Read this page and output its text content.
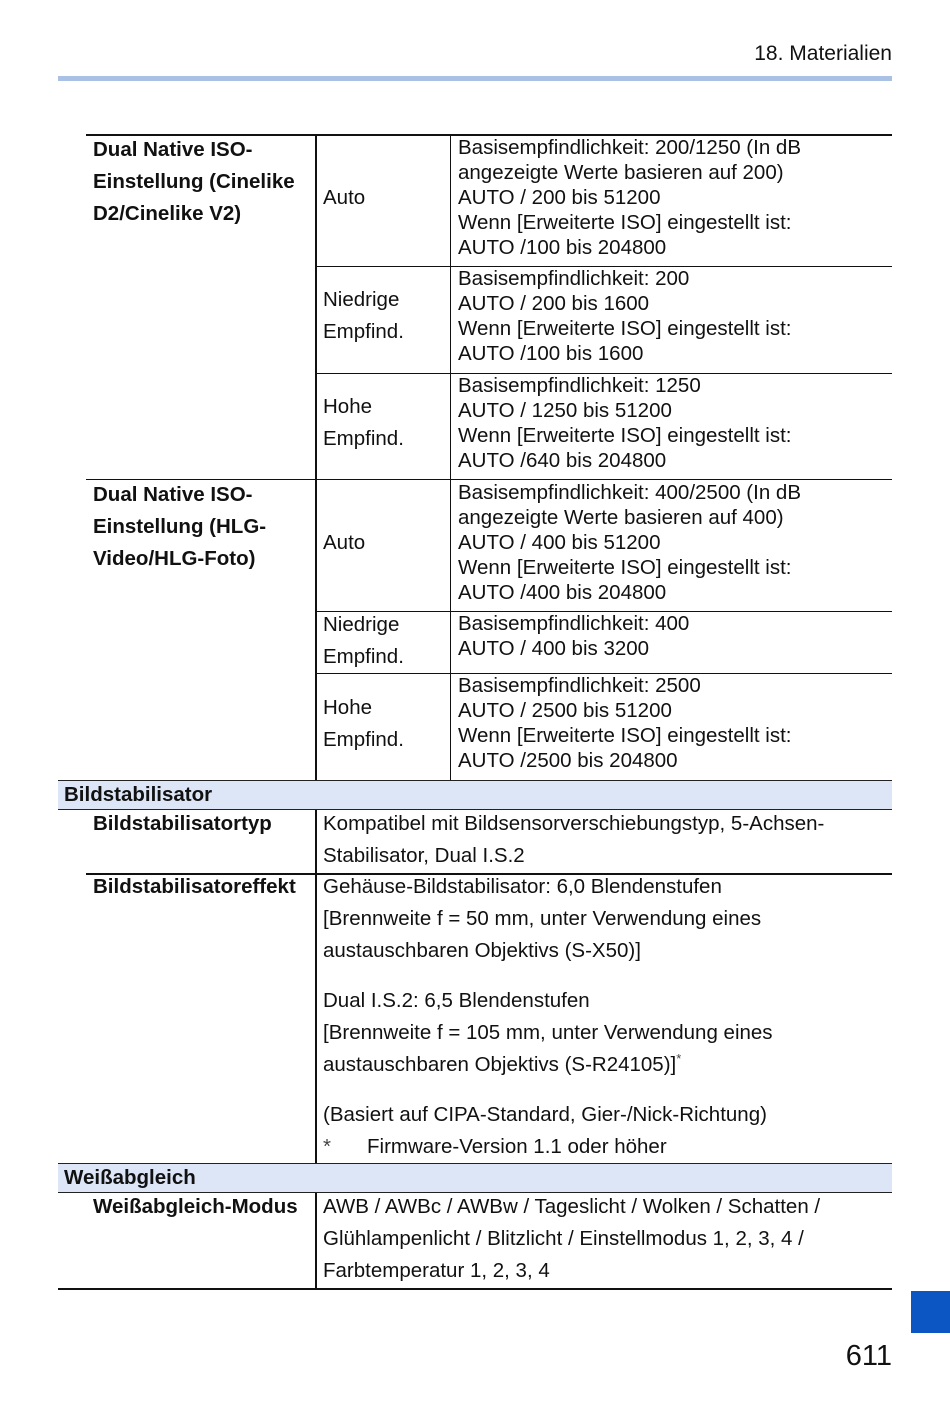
18. Materialien
Dual Native ISO-
Einstellung (Cinelike
D2/Cinelike V2)
Auto
Basisempfindlichkeit: 200/1250 (In dB
angezeigte Werte basieren auf 200)
AUTO / 200 bis 51200
Wenn [Erweiterte ISO] eingestellt ist:
AUTO /100 bis 204800
Niedrige
Empfind.
Basisempfindlichkeit: 200
AUTO / 200 bis 1600
Wenn [Erweiterte ISO] eingestellt ist:
AUTO /100 bis 1600
Hohe
Empfind.
Basisempfindlichkeit: 1250
AUTO / 1250 bis 51200
Wenn [Erweiterte ISO] eingestellt ist:
AUTO /640 bis 204800
Dual Native ISO-
Einstellung (HLG-
Video/HLG-Foto)
Auto
Basisempfindlichkeit: 400/2500 (In dB
angezeigte Werte basieren auf 400)
AUTO / 400 bis 51200
Wenn [Erweiterte ISO] eingestellt ist:
AUTO /400 bis 204800
Niedrige
Empfind.
Basisempfindlichkeit: 400
AUTO / 400 bis 3200
Hohe
Empfind.
Basisempfindlichkeit: 2500
AUTO / 2500 bis 51200
Wenn [Erweiterte ISO] eingestellt ist:
AUTO /2500 bis 204800
Bildstabilisator
Bildstabilisatortyp Kompatibel mit Bildsensorverschiebungstyp, 5-Achsen-
Stabilisator, Dual I.S.2
Bildstabilisatoreffekt Gehäuse-Bildstabilisator: 6,0 Blendenstufen
[Brennweite f = 50 mm, unter Verwendung eines
austauschbaren Objektivs (S-X50)]
Dual I.S.2: 6,5 Blendenstufen
[Brennweite f = 105 mm, unter Verwendung eines
austauschbaren Objektivs (S-R24105)]*
(Basiert auf CIPA-Standard, Gier-/Nick-Richtung)
* Firmware-Version 1.1 oder höher
Weißabgleich
Weißabgleich-Modus AWB / AWBc / AWBw / Tageslicht / Wolken / Schatten /
Glühlampenlicht / Blitzlicht / Einstellmodus 1, 2, 3, 4 /
Farbtemperatur 1, 2, 3, 4
611
